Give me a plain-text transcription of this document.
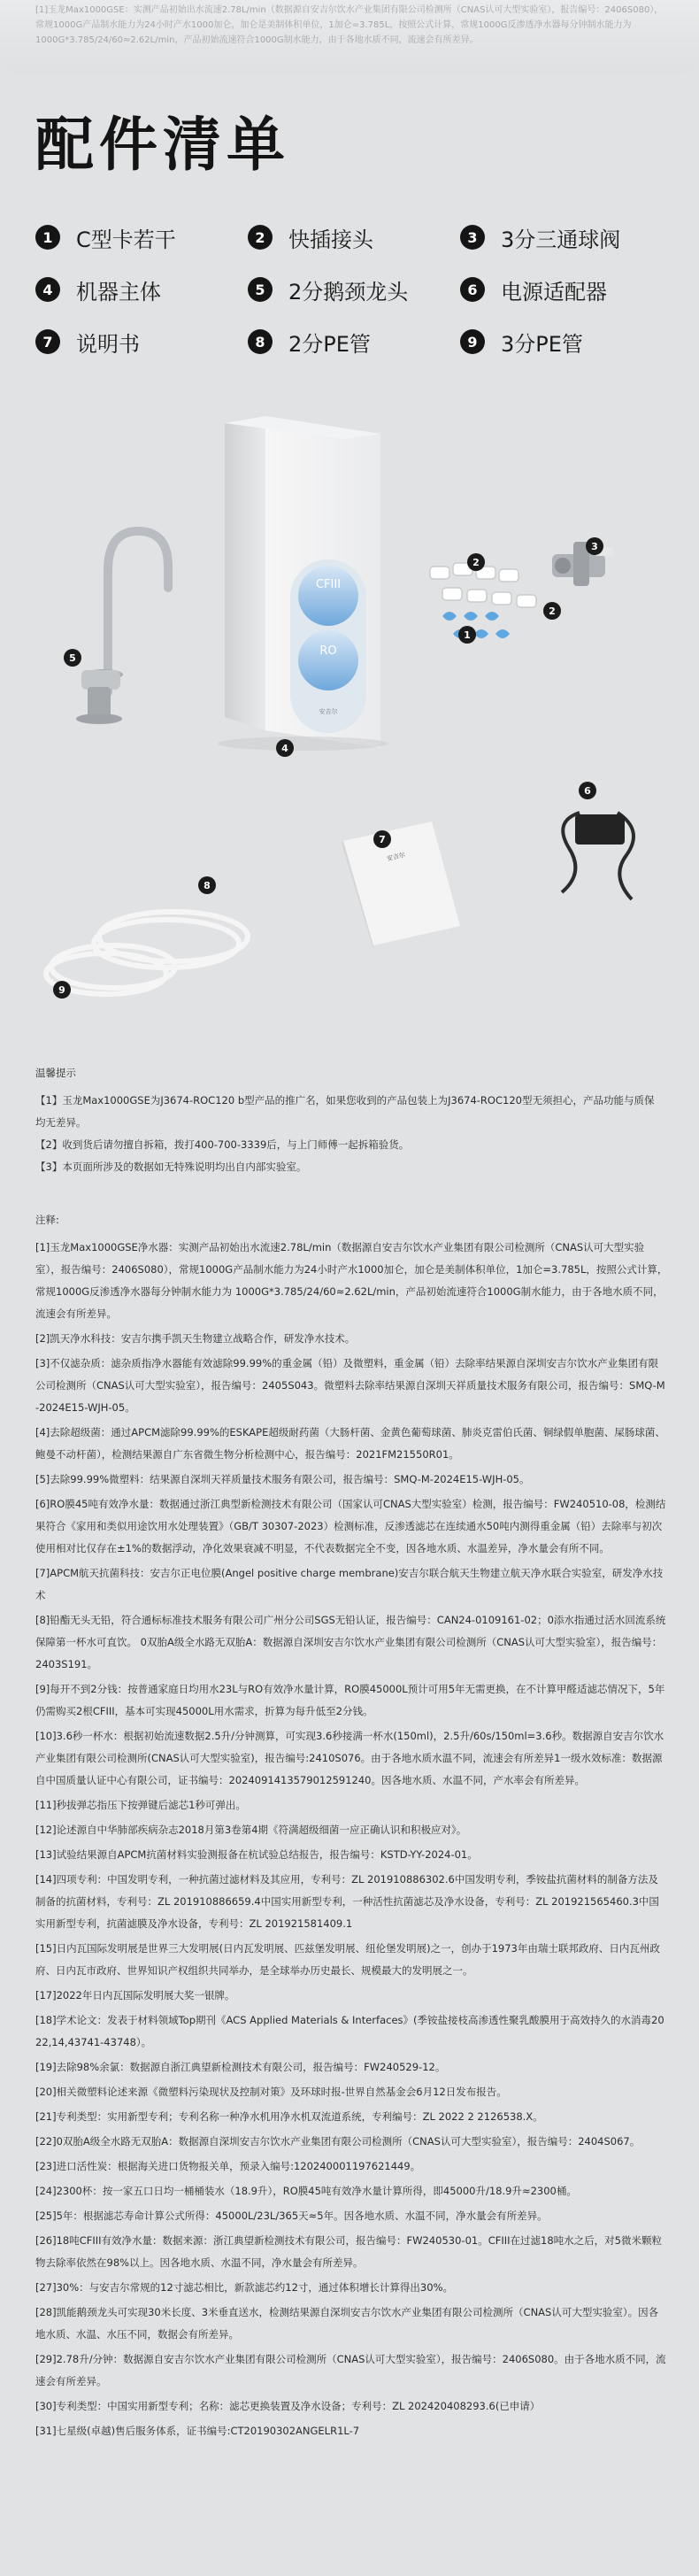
[1]玉龙Max1000GSE：实测产品初始出水流速2.78L/min（数据源自安吉尔饮水产业集团有限公司检测所（CNAS认可大型实验室），报告编号：2406S080），常规1000G产品制水能力为24小时产水1000加仑，加仑是美制体积单位，1加仑=3.785L，按照公式计算，常规1000G反渗透净水器每分钟制水能力为1000G*3.785/24/60≈2.62L/min，产品初始流速符合1000G制水能力，由于各地水质不同，流速会有所差异。
配件清单
1	C型卡若干	2	快插接头	3	3分三通球阀
4	机器主体	5	2分鹅颈龙头	6	电源适配器
7	说明书	8	2分PE管	9	3分PE管
CFIII
RO
安吉尔
安吉尔
2
3
1
2
5
4
6
7
8
9
温馨提示

【1】玉龙Max1000GSE为J3674-ROC120 b型产品的推广名，如果您收到的产品包装上为J3674-ROC120型无须担心，产品功能与质保均无差异。

【2】收到货后请勿擅自拆箱，拨打400-700-3339后，与上门师傅一起拆箱验货。

【3】本页面所涉及的数据如无特殊说明均出自内部实验室。

注释:

[1]玉龙Max1000GSE净水器：实测产品初始出水流速2.78L/min（数据源自安吉尔饮水产业集团有限公司检测所（CNAS认可大型实验室），报告编号：2406S080），常规1000G产品制水能力为24小时产水1000加仑，加仑是美制体积单位，1加仑=3.785L，按照公式计算，常规1000G反渗透净水器每分钟制水能力为 1000G*3.785/24/60≈2.62L/min，产品初始流速符合1000G制水能力，由于各地水质不同，流速会有所差异。

[2]凯天净水科技：安吉尔携手凯天生物建立战略合作，研发净水技术。

[3]不仅滤杂质：滤杂质指净水器能有效滤除99.99%的重金属（铅）及微塑料，重金属（铅）去除率结果源自深圳安吉尔饮水产业集团有限公司检测所（CNAS认可大型实验室），报告编号：2405S043。微塑料去除率结果源自深圳天祥质量技术服务有限公司，报告编号：SMQ-M-2024E15-WJH-05。

[4]去除超级菌：通过APCM滤除99.99%的ESKAPE超级耐药菌（大肠杆菌、金黄色葡萄球菌、肺炎克雷伯氏菌、铜绿假单胞菌、屎肠球菌、鲍曼不动杆菌），检测结果源自广东省微生物分析检测中心，报告编号：2021FM21550R01。

[5]去除99.99%微塑料：结果源自深圳天祥质量技术服务有限公司，报告编号：SMQ-M-2024E15-WJH-05。

[6]RO膜45吨有效净水量：数据通过浙江典型新检测技术有限公司（国家认可CNAS大型实验室）检测，报告编号：FW240510-08，检测结果符合《家用和类似用途饮用水处理装置》（GB/T 30307-2023）检测标准，反渗透滤芯在连续通水50吨内测得重金属（铅）去除率与初次使用相对比仅存在±1%的数据浮动，净化效果衰减不明显，不代表数据完全不变，因各地水质、水温差异，净水量会有所不同。

[7]APCM航天抗菌科技：安吉尔正电位膜(Angel positive charge membrane)安吉尔联合航天生物建立航天净水联合实验室，研发净水技术

[8]铅酯无头无铅，符合通标标准技术服务有限公司广州分公司SGS无铅认证，报告编号：CAN24-0109161-02；0添水指通过活水回流系统保障第一杯水可直饮。 0双胎A级全水路无双胎A：数据源自深圳安吉尔饮水产业集团有限公司检测所（CNAS认可大型实验室），报告编号：2403S191。

[9]每开不到2分钱：按普通家庭日均用水23L与RO有效净水量计算，RO膜45000L预计可用5年无需更换，在不计算甲醛适滤芯情况下，5年仍需购买2根CFIII，基本可实现45000L用水需求，折算为每升低至2分钱。

[10]3.6秒一杯水：根据初始流速数据2.5升/分钟测算，可实现3.6秒接满一杯水(150ml)，2.5升/60s/150ml=3.6秒。数据源自安吉尔饮水产业集团有限公司检测所(CNAS认可大型实验室)，报告编号:2410S076。由于各地水质水温不同，流速会有所差异1一级水效标准：数据源自中国质量认证中心有限公司，证书编号：2024091413579012591240。因各地水质、水温不同，产水率会有所差异。

[11]秒拔弹芯指压下按弹键后滤芯1秒可弹出。

[12]论述源自中华肺部疾病杂志2018月第3卷第4期《符满超级细菌一应正确认识和积极应对》。

[13]试验结果源自APCM抗菌材料实验测报备在杭试验总结报告，报告编号：KSTD-YY-2024-01。

[14]四项专利：中国发明专利，一种抗菌过滤材料及其应用，专利号：ZL 201910886302.6中国发明专利，季铵盐抗菌材料的制备方法及制备的抗菌材料，专利号：ZL 201910886659.4中国实用新型专利，一种活性抗菌滤芯及净水设备，专利号：ZL 201921565460.3中国实用新型专利，抗菌滤膜及净水设备，专利号：ZL 201921581409.1

[15]日内瓦国际发明展是世界三大发明展(日内瓦发明展、匹兹堡发明展、纽伦堡发明展)之一，创办于1973年由瑞士联邦政府、日内瓦州政府、日内瓦市政府、世界知识产权组织共同举办，是全球举办历史最长、规模最大的发明展之一。

[17]2022年日内瓦国际发明展大奖一银牌。

[18]学术论文：发表于材料领域Top期刊《ACS Applied Materials & Interfaces》(季铵盐接枝高渗透性聚乳酸膜用于高效持久的水消毒2022,14,43741-43748）。

[19]去除98%余氯：数据源自浙江典望新检测技术有限公司，报告编号：FW240529-12。

[20]相关微塑料论述来源《微塑料污染现状及控制对策》及环球时报-世界自然基金会6月12日发布报告。

[21]专利类型：实用新型专利；专利名称一种净水机用净水机双流道系统，专利编号：ZL 2022 2 2126538.X。

[22]0双胎A级全水路无双胎A：数据源自深圳安吉尔饮水产业集团有限公司检测所（CNAS认可大型实验室），报告编号：2404S067。

[23]进口活性炭：根据海关进口货物报关单，预录入编号:120240001197621449。

[24]2300杯：按一家五口日均一桶桶装水（18.9升），RO膜45吨有效净水量计算所得，即45000升/18.9升≈2300桶。

[25]5年：根据滤芯寿命计算公式所得：45000L/23L/365天≈5年。因各地水质、水温不同，净水量会有所差异。

[26]18吨CFIII有效净水量：数据来源：浙江典望新检测技术有限公司，报告编号：FW240530-01。CFIII在过滤18吨水之后，对5微米颗粒物去除率依然在98%以上。因各地水质、水温不同，净水量会有所差异。

[27]30%：与安吉尔常规的12寸滤芯相比，新款滤芯约12寸，通过体积增长计算得出30%。

[28]凯能鹅颈龙头可实现30米长度、3米垂直送水，检测结果源自深圳安吉尔饮水产业集团有限公司检测所（CNAS认可大型实验室）。因各地水质、水温、水压不同，数据会有所差异。

[29]2.78升/分钟：数据源自安吉尔饮水产业集团有限公司检测所（CNAS认可大型实验室），报告编号：2406S080。由于各地水质不同，流速会有所差异。

[30]专利类型：中国实用新型专利；名称：滤芯更换装置及净水设备；专利号：ZL 202420408293.6(已申请）

[31]七星级(卓越)售后服务体系，证书编号:CT20190302ANGELR1L-7
